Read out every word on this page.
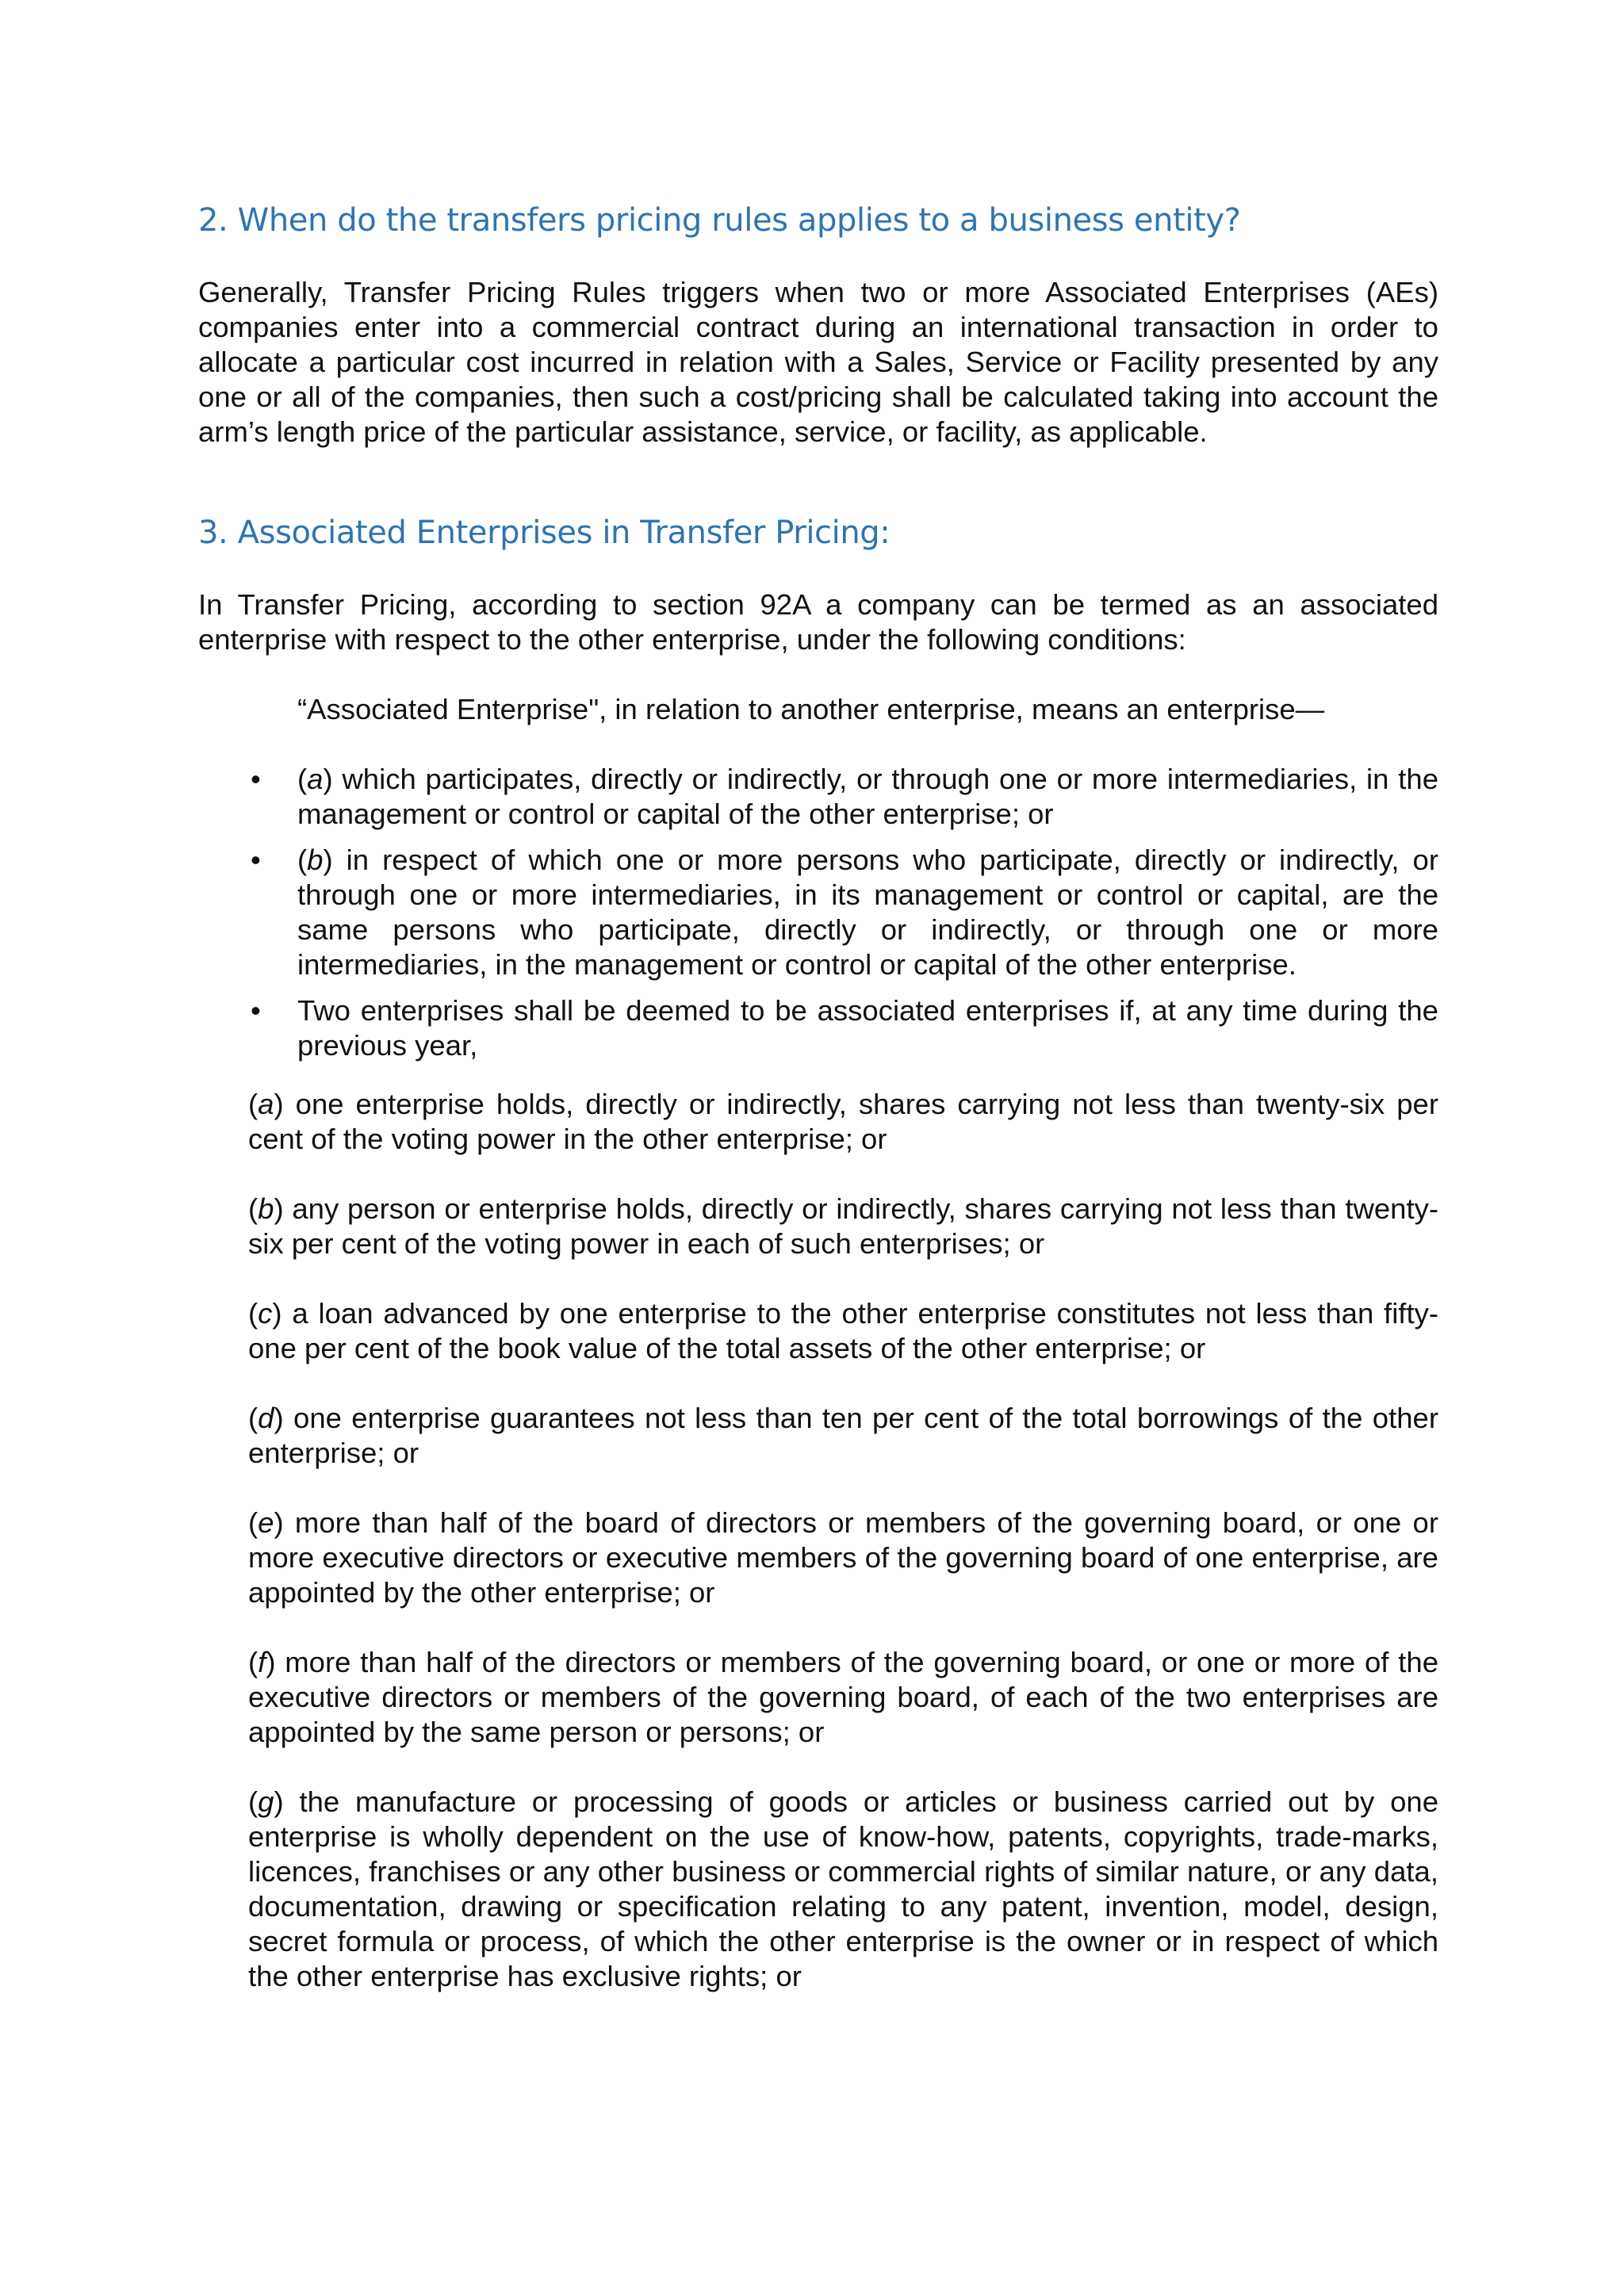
2. When do the transfers pricing rules applies to a business entity?

Generally, Transfer Pricing Rules triggers when two or more Associated Enterprises (AEs) companies enter into a commercial contract during an international transaction in order to allocate a particular cost incurred in relation with a Sales, Service or Facility presented by any one or all of the companies, then such a cost/pricing shall be calculated taking into account the arm’s length price of the particular assistance, service, or facility, as applicable.

3. Associated Enterprises in Transfer Pricing:

In Transfer Pricing, according to section 92A a company can be termed as an associated enterprise with respect to the other enterprise, under the following conditions:

“Associated Enterprise", in relation to another enterprise, means an enterprise—

• (a) which participates, directly or indirectly, or through one or more intermediaries, in the management or control or capital of the other enterprise; or
• (b) in respect of which one or more persons who participate, directly or indirectly, or through one or more intermediaries, in its management or control or capital, are the same persons who participate, directly or indirectly, or through one or more intermediaries, in the management or control or capital of the other enterprise.
• Two enterprises shall be deemed to be associated enterprises if, at any time during the previous year,

(a) one enterprise holds, directly or indirectly, shares carrying not less than twenty-six per cent of the voting power in the other enterprise; or

(b) any person or enterprise holds, directly or indirectly, shares carrying not less than twenty-six per cent of the voting power in each of such enterprises; or

(c) a loan advanced by one enterprise to the other enterprise constitutes not less than fifty-one per cent of the book value of the total assets of the other enterprise; or

(d) one enterprise guarantees not less than ten per cent of the total borrowings of the other enterprise; or

(e) more than half of the board of directors or members of the governing board, or one or more executive directors or executive members of the governing board of one enterprise, are appointed by the other enterprise; or

(f) more than half of the directors or members of the governing board, or one or more of the executive directors or members of the governing board, of each of the two enterprises are appointed by the same person or persons; or

(g) the manufacture or processing of goods or articles or business carried out by one enterprise is wholly dependent on the use of know-how, patents, copyrights, trade-marks, licences, franchises or any other business or commercial rights of similar nature, or any data, documentation, drawing or specification relating to any patent, invention, model, design, secret formula or process, of which the other enterprise is the owner or in respect of which the other enterprise has exclusive rights; or
